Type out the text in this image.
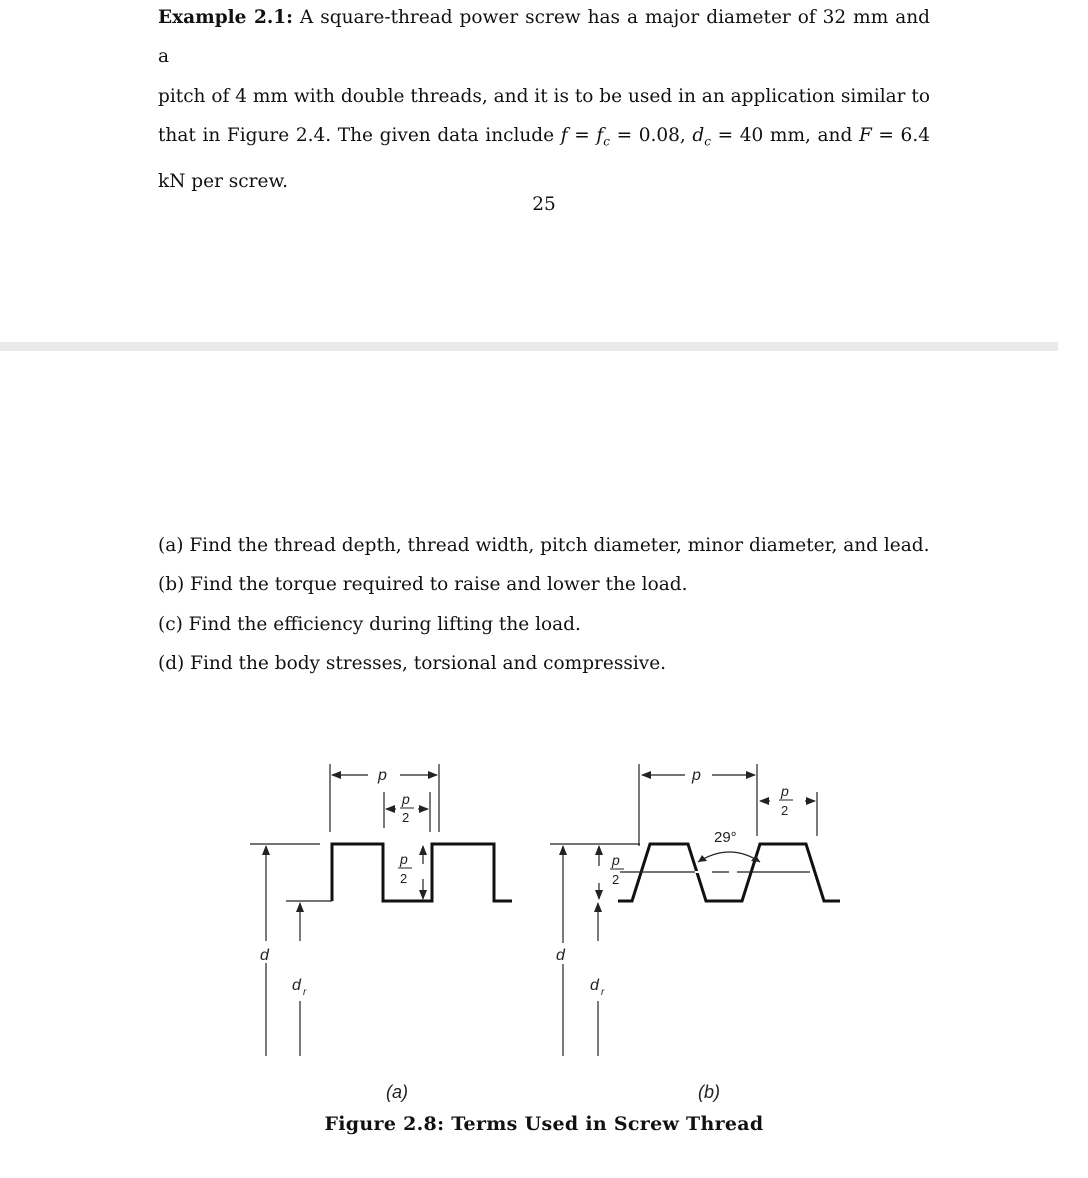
Example 2.1: A square-thread power screw has a major diameter of 32 mm and a
pitch of 4 mm with double threads, and it is to be used in an application similar to
that in Figure 2.4. The given data include $f = f_c = 0.08$, $d_c = 40$ mm, and F = 6.4
kN per screw.

25
(a) Find the thread depth, thread width, pitch diameter, minor diameter, and lead.
(b) Find the torque required to raise and lower the load.
(c) Find the efficiency during lifting the load.
(d) Find the body stresses, torsional and compressive.
p
p
2
p
2
d
d r
p
p
2
29°
p
2
d
d r
(a)	(b)
Figure 2.8: Terms Used in Screw Thread
